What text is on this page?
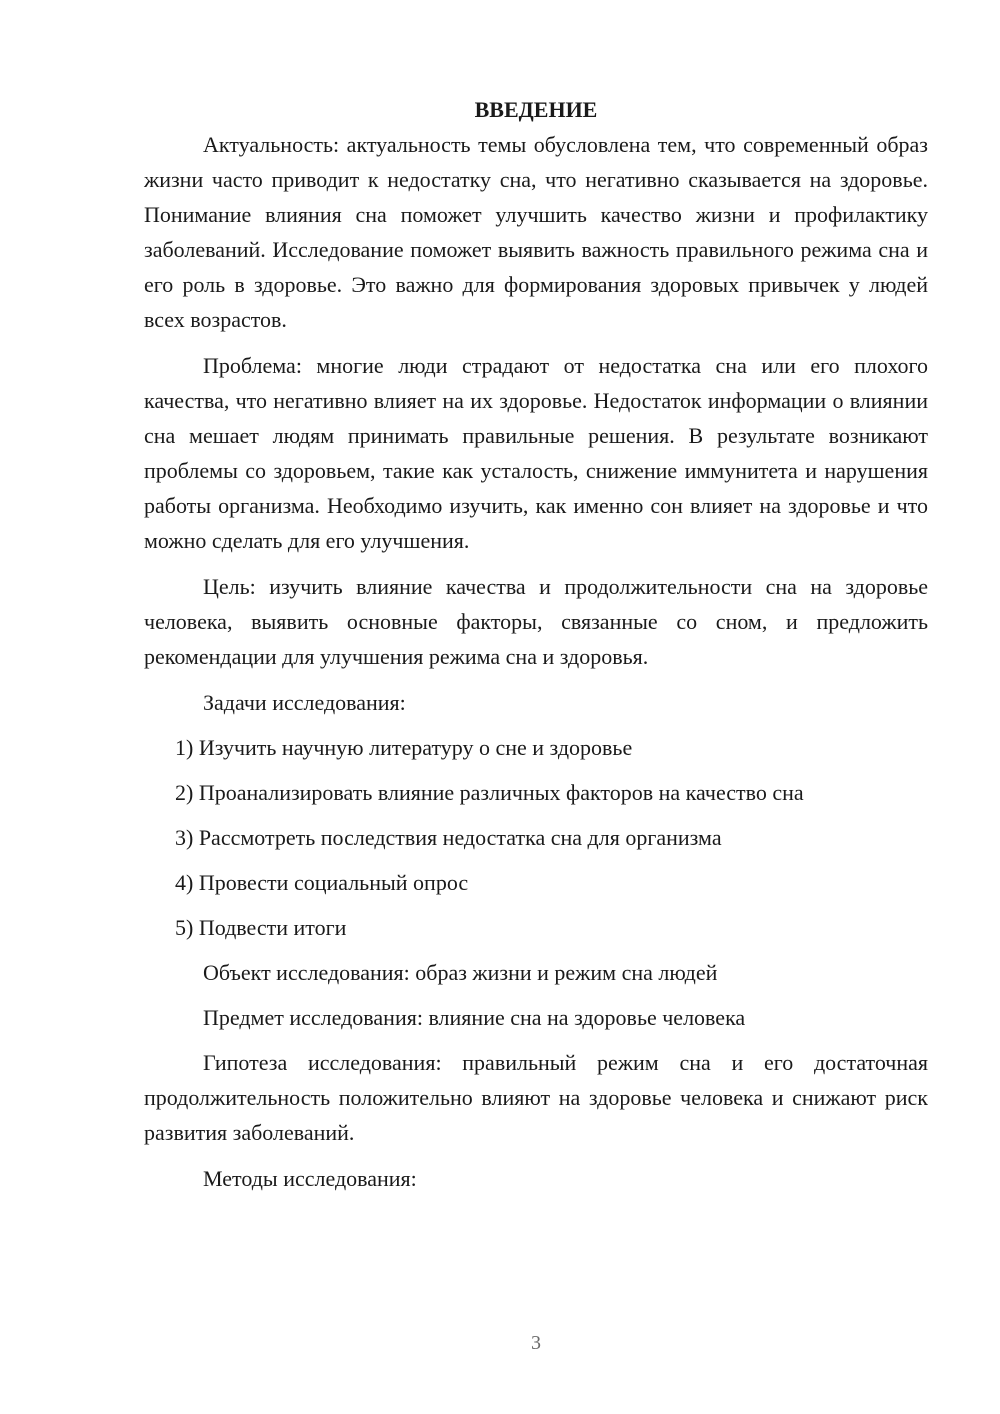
ВВЕДЕНИЕ

Актуальность: актуальность темы обусловлена тем, что современный образ жизни часто приводит к недостатку сна, что негативно сказывается на здоровье. Понимание влияния сна поможет улучшить качество жизни и профилактику заболеваний. Исследование поможет выявить важность правильного режима сна и его роль в здоровье. Это важно для формирования здоровых привычек у людей всех возрастов.

Проблема: многие люди страдают от недостатка сна или его плохого качества, что негативно влияет на их здоровье. Недостаток информации о влиянии сна мешает людям принимать правильные решения. В результате возникают проблемы со здоровьем, такие как усталость, снижение иммунитета и нарушения работы организма. Необходимо изучить, как именно сон влияет на здоровье и что можно сделать для его улучшения.

Цель: изучить влияние качества и продолжительности сна на здоровье человека, выявить основные факторы, связанные со сном, и предложить рекомендации для улучшения режима сна и здоровья.

Задачи исследования:

1) Изучить научную литературу о сне и здоровье

2) Проанализировать влияние различных факторов на качество сна

3) Рассмотреть последствия недостатка сна для организма

4) Провести социальный опрос

5) Подвести итоги

Объект исследования: образ жизни и режим сна людей

Предмет исследования: влияние сна на здоровье человека

Гипотеза исследования: правильный режим сна и его достаточная продолжительность положительно влияют на здоровье человека и снижают риск развития заболеваний.

Методы исследования:

3
